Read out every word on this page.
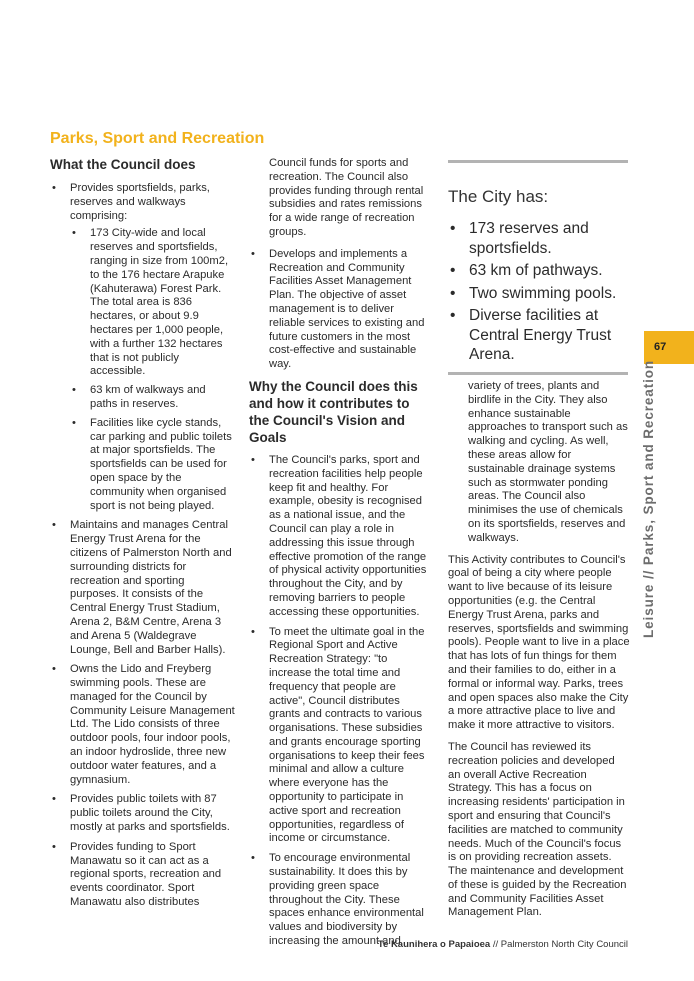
Parks, Sport and Recreation
What the Council does
• Provides sportsfields, parks, reserves and walkways comprising:
• 173 City-wide and local reserves and sportsfields, ranging in size from 100m2, to the 176 hectare Arapuke (Kahuterawa) Forest Park. The total area is 836 hectares, or about 9.9 hectares per 1,000 people, with a further 132 hectares that is not publicly accessible.
• 63 km of walkways and paths in reserves.
• Facilities like cycle stands, car parking and public toilets at major sportsfields. The sportsfields can be used for open space by the community when organised sport is not being played.
• Maintains and manages Central Energy Trust Arena for the citizens of Palmerston North and surrounding districts for recreation and sporting purposes. It consists of the Central Energy Trust Stadium, Arena 2, B&M Centre, Arena 3 and Arena 5 (Waldegrave Lounge, Bell and Barber Halls).
• Owns the Lido and Freyberg swimming pools. These are managed for the Council by Community Leisure Management Ltd. The Lido consists of three outdoor pools, four indoor pools, an indoor hydroslide, three new outdoor water features, and a gymnasium.
• Provides public toilets with 87 public toilets around the City, mostly at parks and sportsfields.
• Provides funding to Sport Manawatu so it can act as a regional sports, recreation and events coordinator. Sport Manawatu also distributes

Council funds for sports and recreation. The Council also provides funding through rental subsidies and rates remissions for a wide range of recreation groups.

• Develops and implements a Recreation and Community Facilities Asset Management Plan. The objective of asset management is to deliver reliable services to existing and future customers in the most cost-effective and sustainable way.
Why the Council does this and how it contributes to the Council's Vision and Goals
• The Council's parks, sport and recreation facilities help people keep fit and healthy. For example, obesity is recognised as a national issue, and the Council can play a role in addressing this issue through effective promotion of the range of physical activity opportunities throughout the City, and by removing barriers to people accessing these opportunities.
• To meet the ultimate goal in the Regional Sport and Active Recreation Strategy: "to increase the total time and frequency that people are active", Council distributes grants and contracts to various organisations. These subsidies and grants encourage sporting organisations to keep their fees minimal and allow a culture where everyone has the opportunity to participate in active sport and recreation opportunities, regardless of income or circumstance.
• To encourage environmental sustainability. It does this by providing green space throughout the City. These spaces enhance environmental values and biodiversity by increasing the amount and
The City has:
• 173 reserves and sportsfields.
• 63 km of pathways.
• Two swimming pools.
• Diverse facilities at Central Energy Trust Arena.

variety of trees, plants and birdlife in the City. They also enhance sustainable approaches to transport such as walking and cycling. As well, these areas allow for sustainable drainage systems such as stormwater ponding areas. The Council also minimises the use of chemicals on its sportsfields, reserves and walkways.

This Activity contributes to Council's goal of being a city where people want to live because of its leisure opportunities (e.g. the Central Energy Trust Arena, parks and reserves, sportsfields and swimming pools). People want to live in a place that has lots of fun things for them and their families to do, either in a formal or informal way. Parks, trees and open spaces also make the City a more attractive place to live and make it more attractive to visitors.

The Council has reviewed its recreation policies and developed an overall Active Recreation Strategy. This has a focus on increasing residents' participation in sport and ensuring that Council's facilities are matched to community needs. Much of the Council's focus is on providing recreation assets. The maintenance and development of these is guided by the Recreation and Community Facilities Asset Management Plan.

67
Leisure // Parks, Sport and Recreation
Te Kaunihera o Papaioea // Palmerston North City Council
